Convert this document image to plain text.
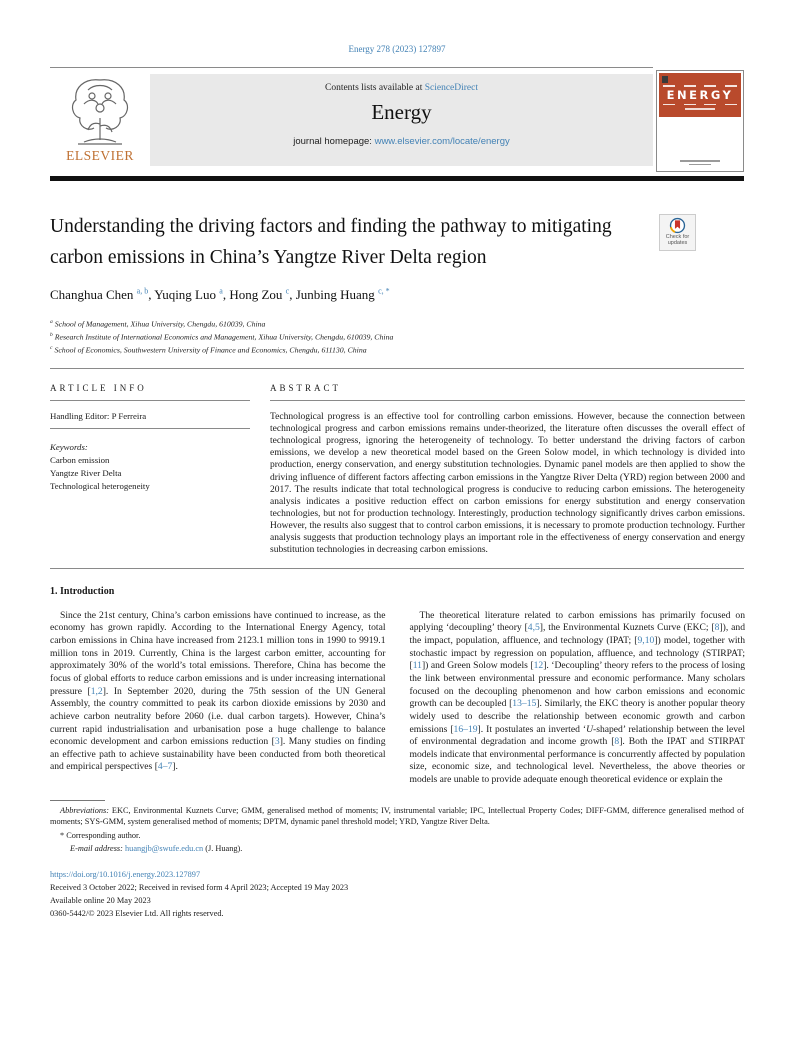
Energy 278 (2023) 127897
ELSEVIER
Contents lists available at ScienceDirect
Energy
journal homepage: www.elsevier.com/locate/energy
ENERGY
Understanding the driving factors and finding the pathway to mitigating carbon emissions in China’s Yangtze River Delta region
Check for updates
Changhua Chen $^{a, b}$, Yuqing Luo $^a$, Hong Zou $^c$, Junbing Huang $^{c, *}$
$^a$ School of Management, Xihua University, Chengdu, 610039, China
$^b$ Research Institute of International Economics and Management, Xihua University, Chengdu, 610039, China
$^c$ School of Economics, Southwestern University of Finance and Economics, Chengdu, 611130, China
ARTICLE INFO
Handling Editor: P Ferreira
Keywords:
Carbon emission
Yangtze River Delta
Technological heterogeneity
ABSTRACT
Technological progress is an effective tool for controlling carbon emissions. However, because the connection between technological progress and carbon emissions remains under-theorized, the literature often discusses the overall effect of technological progress, ignoring the heterogeneity of technology. To better understand the driving factors of carbon emissions, we develop a new theoretical model based on the Green Solow model, in which technology is divided into production, energy conservation, and energy substitution technologies. Dynamic panel models are then applied to show the driving influence of different factors affecting carbon emissions in the Yangtze River Delta (YRD) region between 2000 and 2017. The results indicate that total technological progress is conducive to reducing carbon emissions. The heterogeneity analysis indicates a positive reduction effect on carbon emissions for energy substitution and energy conservation technologies, but not for production technology. Interestingly, production technology significantly drives carbon emissions. However, the results also suggest that to control carbon emissions, it is necessary to promote production technology. Further analysis suggests that production technology plays an important role in the effectiveness of energy conservation and energy substitution technologies in decreasing carbon emissions.
1. Introduction

Since the 21st century, China’s carbon emissions have continued to increase, as the economy has grown rapidly. According to the International Energy Agency, total carbon emissions in China have increased from 2123.1 million tons in 1990 to 9919.1 million tons in 2019. Currently, China is the largest carbon emitter, accounting for approximately 30% of the world’s total emissions. Therefore, China has become the focus of global efforts to reduce carbon emissions and is under increasing international pressure [1,2]. In September 2020, during the 75th session of the UN General Assembly, the country committed to peak its carbon dioxide emissions by 2030 and achieve carbon neutrality before 2060 (i.e. dual carbon targets). However, China’s current rapid industrialisation and urbanisation pose a huge challenge to balance economic development and carbon emissions reduction [3]. Many studies on finding an effective path to achieve sustainability have been conducted from both theoretical and empirical perspectives [4–7].

The theoretical literature related to carbon emissions has primarily focused on applying ‘decoupling’ theory [4,5], the Environmental Kuznets Curve (EKC; [8]), and the impact, population, affluence, and technology (IPAT; [9,10]) model, together with stochastic impact by regression on population, affluence, and technology (STIRPAT; [11]) and Green Solow models [12]. ‘Decoupling’ theory refers to the process of losing the link between environmental pressure and economic performance. Many scholars focused on the decoupling phenomenon and how carbon emissions and economic growth can be decoupled [13–15]. Similarly, the EKC theory is another popular theory widely used to describe the relationship between economic growth and carbon emissions [16–19]. It postulates an inverted ‘U-shaped’ relationship between the level of environmental degradation and income growth [8]. Both the IPAT and STIRPAT models indicate that environmental performance is concurrently affected by population size, economic size, and technological level. Nevertheless, the above theories or models are unable to provide adequate enough theoretical evidence or explain the

Abbreviations: EKC, Environmental Kuznets Curve; GMM, generalised method of moments; IV, instrumental variable; IPC, Intellectual Property Codes; DIFF-GMM, difference generalised method of moments; SYS-GMM, system generalised method of moments; DPTM, dynamic panel threshold model; YRD, Yangtze River Delta.
* Corresponding author.
E-mail address: huangjb@swufe.edu.cn (J. Huang).
https://doi.org/10.1016/j.energy.2023.127897
Received 3 October 2022; Received in revised form 4 April 2023; Accepted 19 May 2023
Available online 20 May 2023
0360-5442/© 2023 Elsevier Ltd. All rights reserved.
